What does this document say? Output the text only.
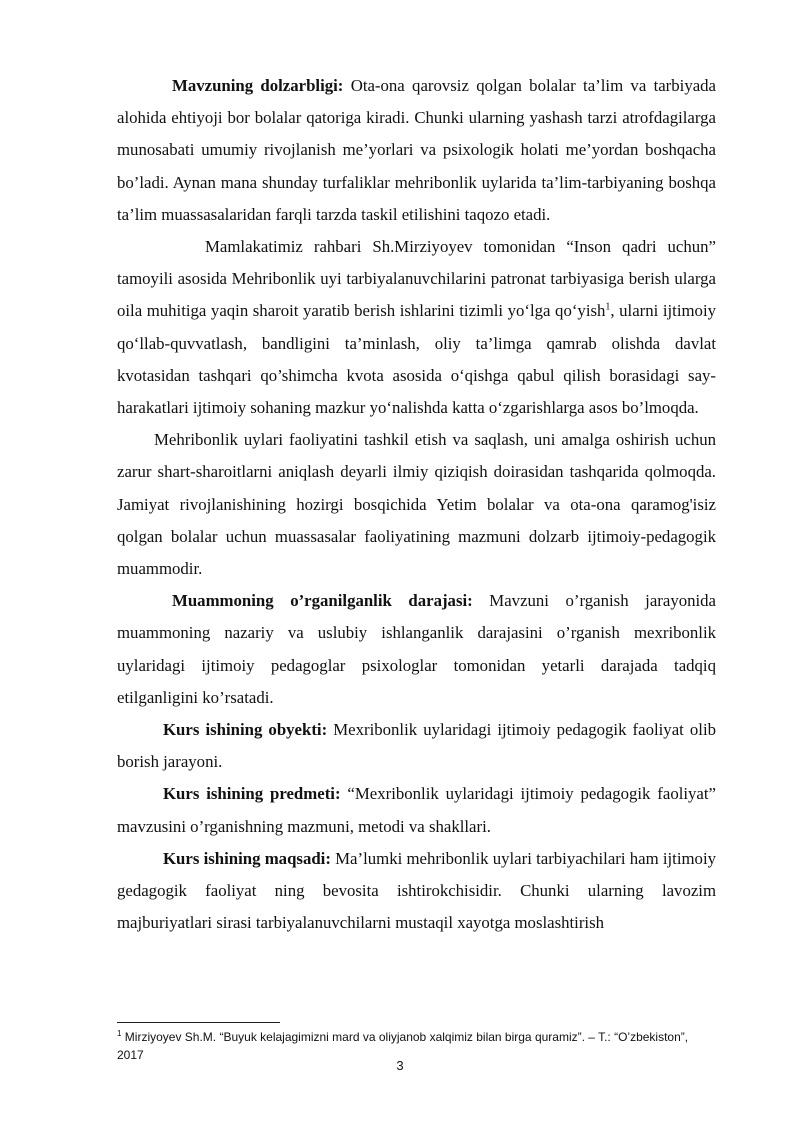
Mavzuning dolzarbligi: Ota-ona qarovsiz qolgan bolalar ta’lim va tarbiyada alohida ehtiyoji bor bolalar qatoriga kiradi. Chunki ularning yashash tarzi atrofdagilarga munosabati umumiy rivojlanish me’yorlari va psixologik holati me’yordan boshqacha bo’ladi. Aynan mana shunday turfaliklar mehribonlik uylarida ta’lim-tarbiyaning boshqa ta’lim muassasalaridan farqli tarzda taskil etilishini taqozo etadi.

Mamlakatimiz rahbari Sh.Mirziyoyev tomonidan “Inson qadri uchun” tamoyili asosida Mehribonlik uyi tarbiyalanuvchilarini patronat tarbiyasiga berish ularga oila muhitiga yaqin sharoit yaratib berish ishlarini tizimli yo‘lga qo‘yish$^1$, ularni ijtimoiy qo‘llab-quvvatlash, bandligini ta’minlash, oliy ta’limga qamrab olishda davlat kvotasidan tashqari qo’shimcha kvota asosida o‘qishga qabul qilish borasidagi say-harakatlari ijtimoiy sohaning mazkur yo‘nalishda katta o‘zgarishlarga asos bo’lmoqda.

Mehribonlik uylari faoliyatini tashkil etish va saqlash, uni amalga oshirish uchun zarur shart-sharoitlarni aniqlash deyarli ilmiy qiziqish doirasidan tashqarida qolmoqda. Jamiyat rivojlanishining hozirgi bosqichida Yetim bolalar va ota-ona qaramog'isiz qolgan bolalar uchun muassasalar faoliyatining mazmuni dolzarb ijtimoiy-pedagogik muammodir.

Muammoning o’rganilganlik darajasi: Mavzuni o’rganish jarayonida muammoning nazariy va uslubiy ishlanganlik darajasini o’rganish mexribonlik uylaridagi ijtimoiy pedagoglar psixologlar tomonidan yetarli darajada tadqiq etilganligini ko’rsatadi.

Kurs ishining obyekti: Mexribonlik uylaridagi ijtimoiy pedagogik faoliyat olib borish jarayoni.

Kurs ishining predmeti: “Mexribonlik uylaridagi ijtimoiy pedagogik faoliyat” mavzusini o’rganishning mazmuni, metodi va shakllari.

Kurs ishining maqsadi: Ma’lumki mehribonlik uylari tarbiyachilari ham ijtimoiy gedagogik faoliyat ning bevosita ishtirokchisidir. Chunki ularning lavozim majburiyatlari sirasi tarbiyalanuvchilarni mustaqil xayotga moslashtirish

$^1$ Mirziyoyev Sh.M. “Buyuk kelajagimizni mard va oliyjanob xalqimiz bilan birga quramiz”. – T.: “O’zbekiston”, 2017
3
